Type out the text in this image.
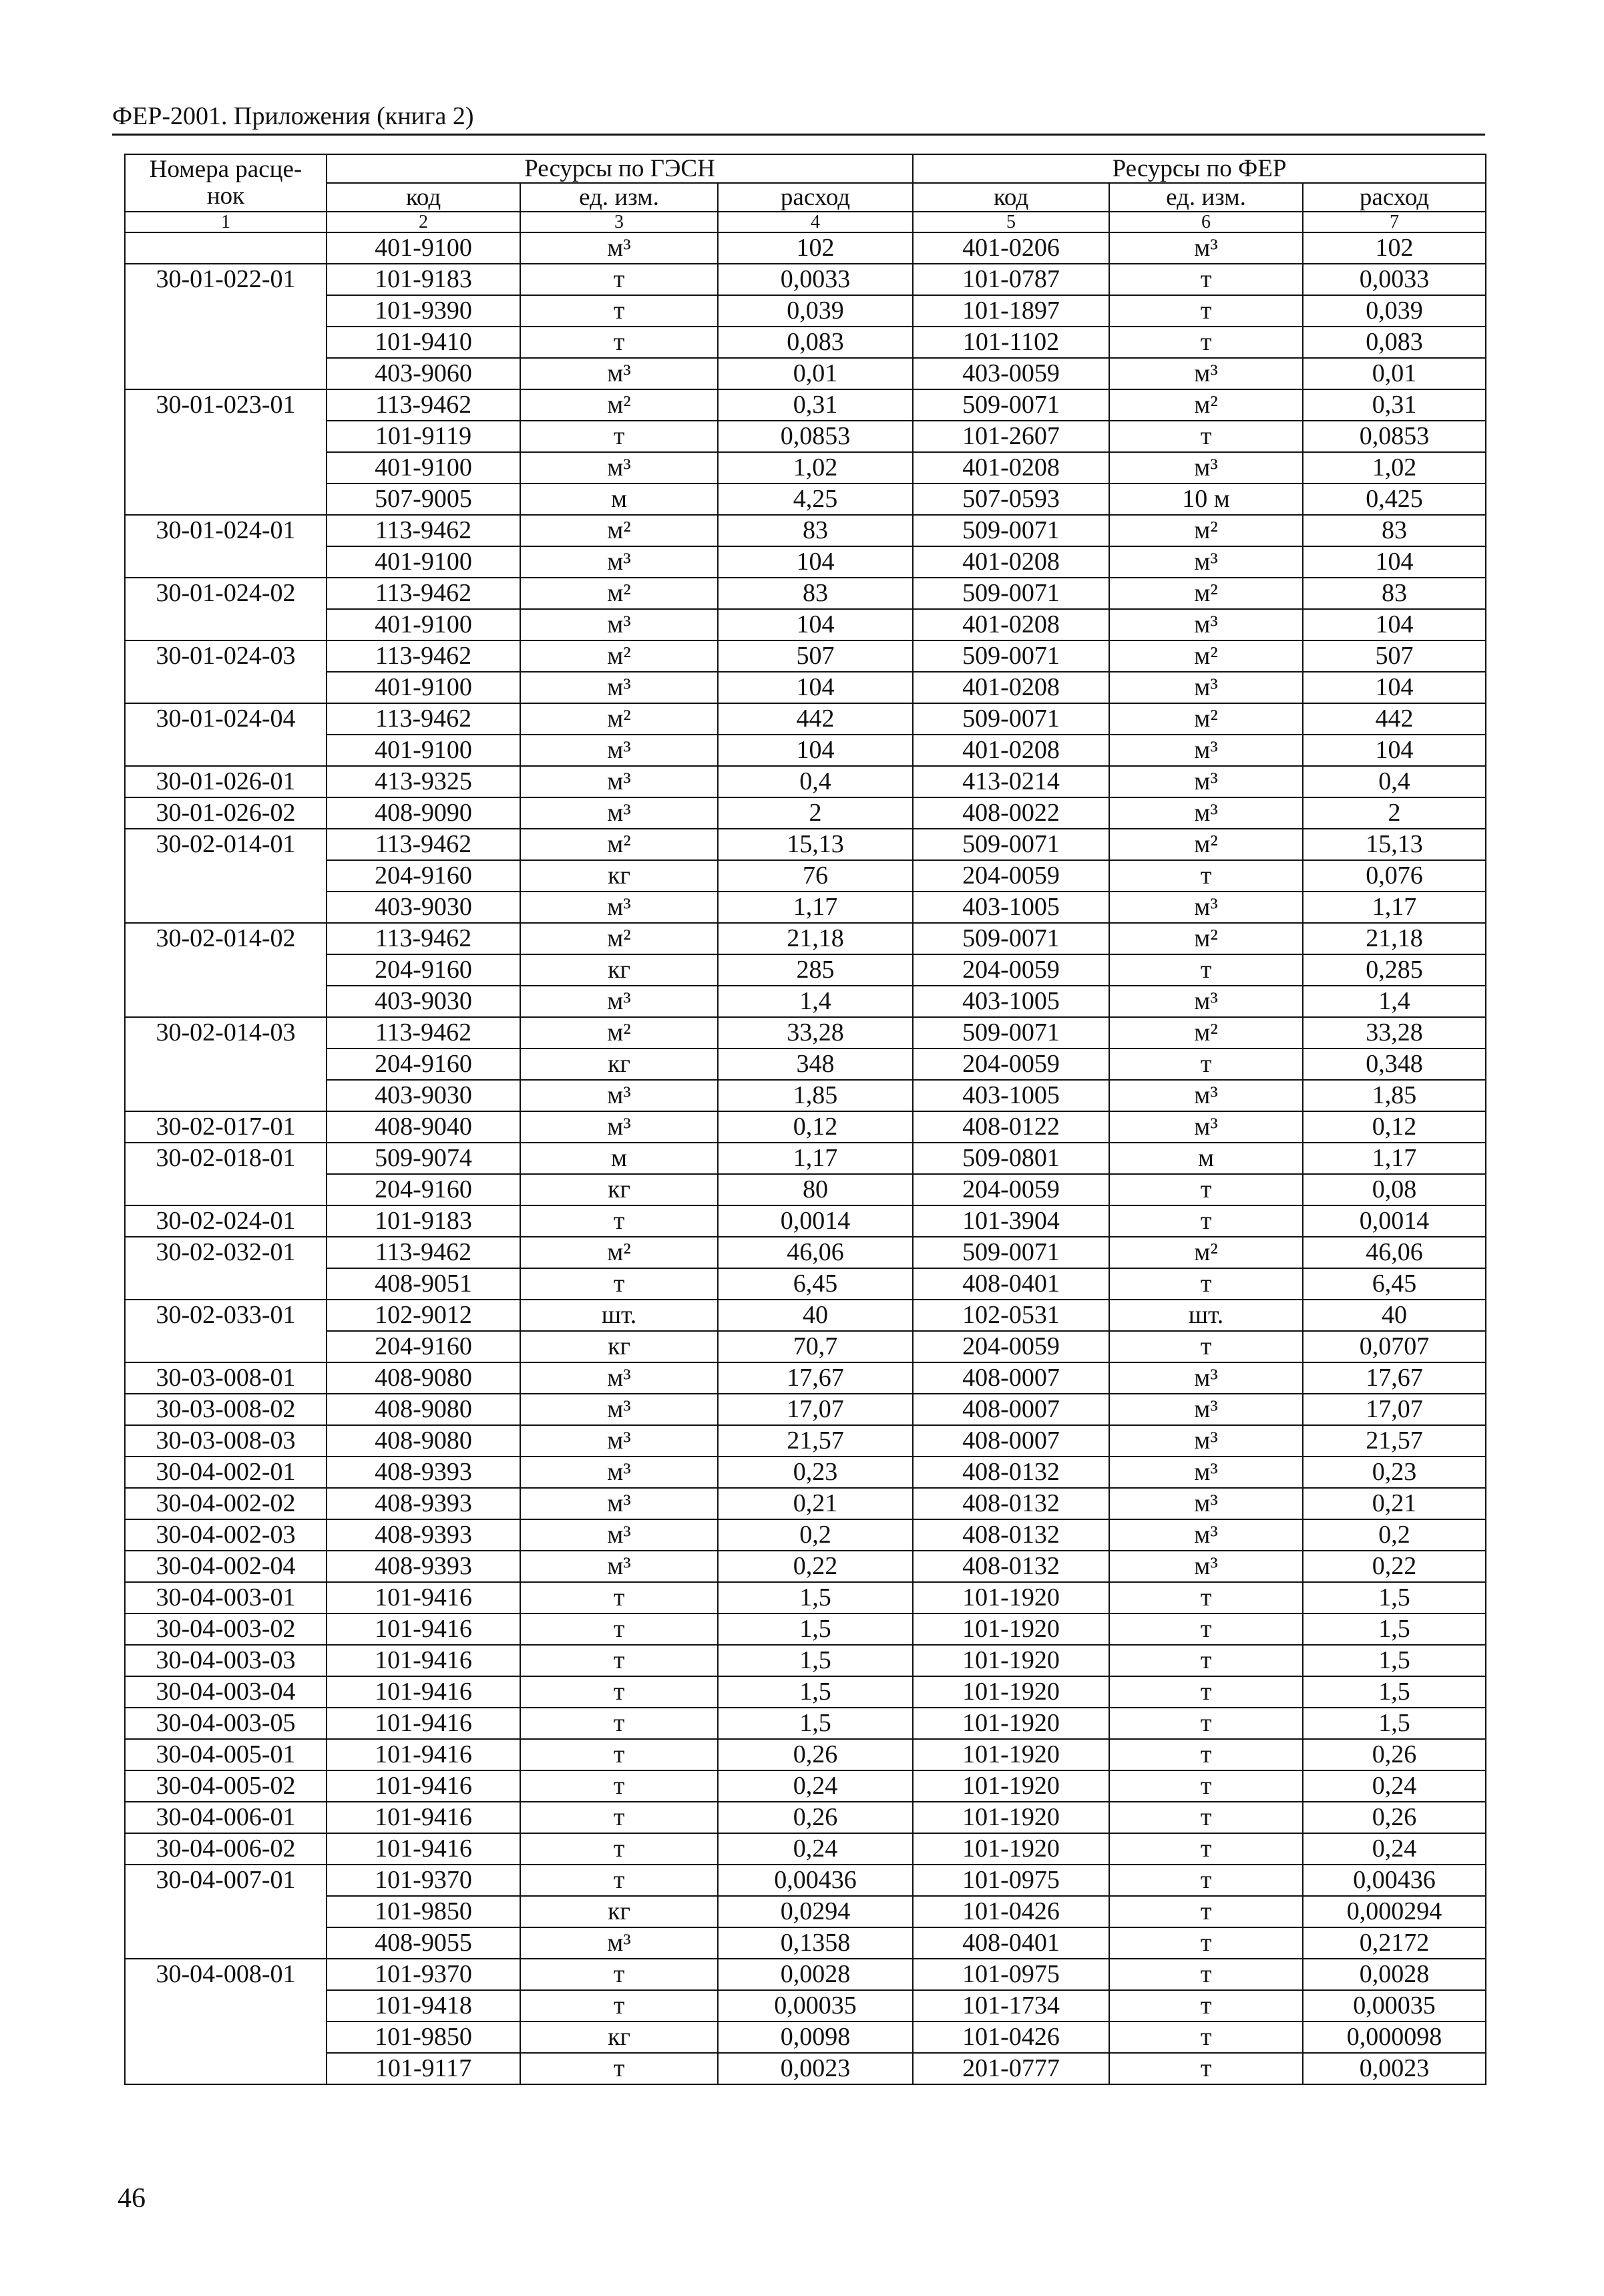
ФЕР-2001. Приложения (книга 2)
Номера расце-
нок	Ресурсы по ГЭСН			Ресурсы по ФЕР		
	код	ед. изм.	расход	код	ед. изм.	расход
1	2	3	4	5	6	7
	401-9100	м³	102	401-0206	м³	102
30-01-022-01	101-9183	т	0,0033	101-0787	т	0,0033
	101-9390	т	0,039	101-1897	т	0,039
	101-9410	т	0,083	101-1102	т	0,083
	403-9060	м³	0,01	403-0059	м³	0,01
30-01-023-01	113-9462	м²	0,31	509-0071	м²	0,31
	101-9119	т	0,0853	101-2607	т	0,0853
	401-9100	м³	1,02	401-0208	м³	1,02
	507-9005	м	4,25	507-0593	10 м	0,425
30-01-024-01	113-9462	м²	83	509-0071	м²	83
	401-9100	м³	104	401-0208	м³	104
30-01-024-02	113-9462	м²	83	509-0071	м²	83
	401-9100	м³	104	401-0208	м³	104
30-01-024-03	113-9462	м²	507	509-0071	м²	507
	401-9100	м³	104	401-0208	м³	104
30-01-024-04	113-9462	м²	442	509-0071	м²	442
	401-9100	м³	104	401-0208	м³	104
30-01-026-01	413-9325	м³	0,4	413-0214	м³	0,4
30-01-026-02	408-9090	м³	2	408-0022	м³	2
30-02-014-01	113-9462	м²	15,13	509-0071	м²	15,13
	204-9160	кг	76	204-0059	т	0,076
	403-9030	м³	1,17	403-1005	м³	1,17
30-02-014-02	113-9462	м²	21,18	509-0071	м²	21,18
	204-9160	кг	285	204-0059	т	0,285
	403-9030	м³	1,4	403-1005	м³	1,4
30-02-014-03	113-9462	м²	33,28	509-0071	м²	33,28
	204-9160	кг	348	204-0059	т	0,348
	403-9030	м³	1,85	403-1005	м³	1,85
30-02-017-01	408-9040	м³	0,12	408-0122	м³	0,12
30-02-018-01	509-9074	м	1,17	509-0801	м	1,17
	204-9160	кг	80	204-0059	т	0,08
30-02-024-01	101-9183	т	0,0014	101-3904	т	0,0014
30-02-032-01	113-9462	м²	46,06	509-0071	м²	46,06
	408-9051	т	6,45	408-0401	т	6,45
30-02-033-01	102-9012	шт.	40	102-0531	шт.	40
	204-9160	кг	70,7	204-0059	т	0,0707
30-03-008-01	408-9080	м³	17,67	408-0007	м³	17,67
30-03-008-02	408-9080	м³	17,07	408-0007	м³	17,07
30-03-008-03	408-9080	м³	21,57	408-0007	м³	21,57
30-04-002-01	408-9393	м³	0,23	408-0132	м³	0,23
30-04-002-02	408-9393	м³	0,21	408-0132	м³	0,21
30-04-002-03	408-9393	м³	0,2	408-0132	м³	0,2
30-04-002-04	408-9393	м³	0,22	408-0132	м³	0,22
30-04-003-01	101-9416	т	1,5	101-1920	т	1,5
30-04-003-02	101-9416	т	1,5	101-1920	т	1,5
30-04-003-03	101-9416	т	1,5	101-1920	т	1,5
30-04-003-04	101-9416	т	1,5	101-1920	т	1,5
30-04-003-05	101-9416	т	1,5	101-1920	т	1,5
30-04-005-01	101-9416	т	0,26	101-1920	т	0,26
30-04-005-02	101-9416	т	0,24	101-1920	т	0,24
30-04-006-01	101-9416	т	0,26	101-1920	т	0,26
30-04-006-02	101-9416	т	0,24	101-1920	т	0,24
30-04-007-01	101-9370	т	0,00436	101-0975	т	0,00436
	101-9850	кг	0,0294	101-0426	т	0,000294
	408-9055	м³	0,1358	408-0401	т	0,2172
30-04-008-01	101-9370	т	0,0028	101-0975	т	0,0028
	101-9418	т	0,00035	101-1734	т	0,00035
	101-9850	кг	0,0098	101-0426	т	0,000098
	101-9117	т	0,0023	201-0777	т	0,0023
46
